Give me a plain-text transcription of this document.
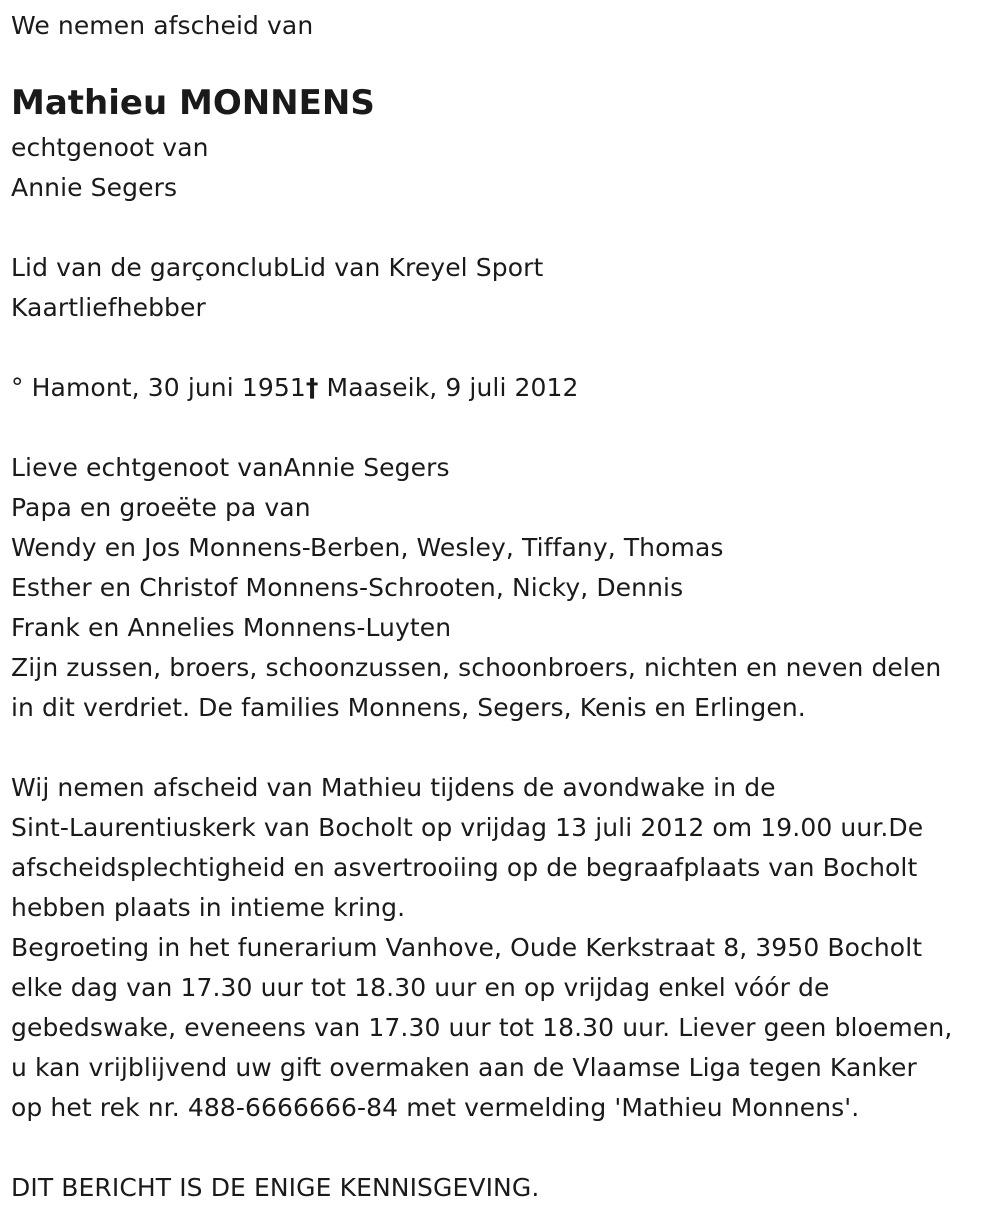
We nemen afscheid van
Mathieu MONNENS
echtgenoot van
Annie Segers
Lid van de garçonclubLid van Kreyel Sport
Kaartliefhebber
° Hamont, 30 juni 1951† Maaseik, 9 juli 2012
Lieve echtgenoot vanAnnie Segers
Papa en groeëte pa van
Wendy en Jos Monnens-Berben, Wesley, Tiffany, Thomas
Esther en Christof Monnens-Schrooten, Nicky, Dennis
Frank en Annelies Monnens-Luyten
Zijn zussen, broers, schoonzussen, schoonbroers, nichten en neven delen
in dit verdriet. De families Monnens, Segers, Kenis en Erlingen.
Wij nemen afscheid van Mathieu tijdens de avondwake in de
Sint-Laurentiuskerk van Bocholt op vrijdag 13 juli 2012 om 19.00 uur.De
afscheidsplechtigheid en asvertrooiing op de begraafplaats van Bocholt
hebben plaats in intieme kring.
Begroeting in het funerarium Vanhove, Oude Kerkstraat 8, 3950 Bocholt
elke dag van 17.30 uur tot 18.30 uur en op vrijdag enkel vóór de
gebedswake, eveneens van 17.30 uur tot 18.30 uur. Liever geen bloemen,
u kan vrijblijvend uw gift overmaken aan de Vlaamse Liga tegen Kanker
op het rek nr. 488-6666666-84 met vermelding 'Mathieu Monnens'.
DIT BERICHT IS DE ENIGE KENNISGEVING.
